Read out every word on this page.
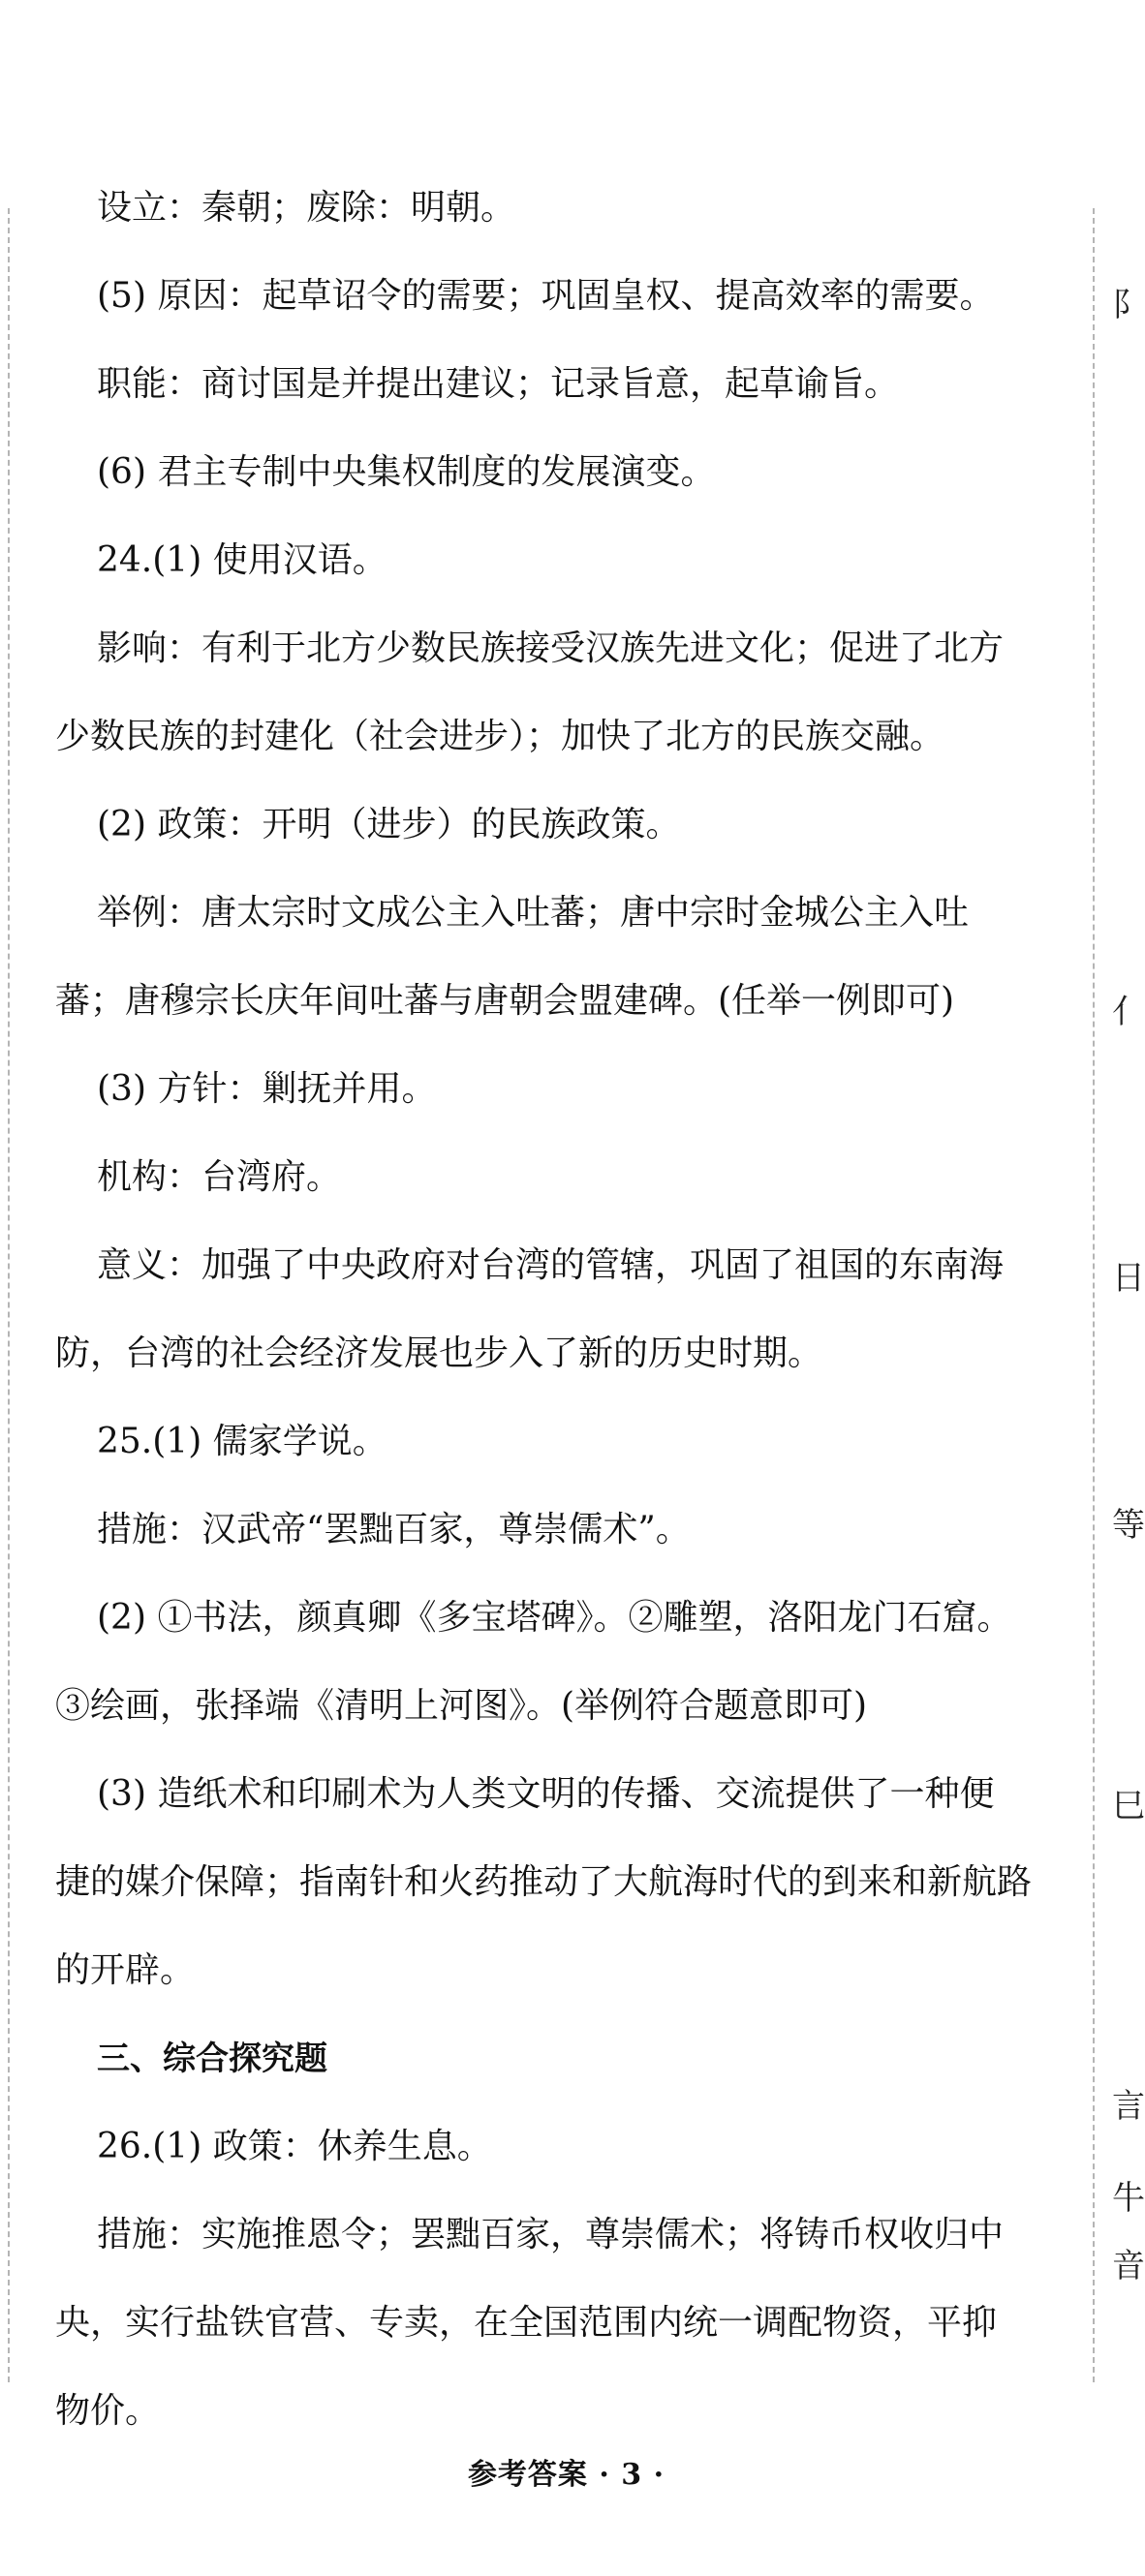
设立：秦朝；废除：明朝。
(5) 原因：起草诏令的需要；巩固皇权、提高效率的需要。
职能：商讨国是并提出建议；记录旨意，起草谕旨。
(6) 君主专制中央集权制度的发展演变。
24.(1) 使用汉语。
影响：有利于北方少数民族接受汉族先进文化；促进了北方
少数民族的封建化（社会进步）；加快了北方的民族交融。
(2) 政策：开明（进步）的民族政策。
举例：唐太宗时文成公主入吐蕃；唐中宗时金城公主入吐
蕃；唐穆宗长庆年间吐蕃与唐朝会盟建碑。(任举一例即可)
(3) 方针：剿抚并用。
机构：台湾府。
意义：加强了中央政府对台湾的管辖，巩固了祖国的东南海
防，台湾的社会经济发展也步入了新的历史时期。
25.(1) 儒家学说。
措施：汉武帝“罢黜百家，尊崇儒术”。
(2) ①书法，颜真卿《多宝塔碑》。②雕塑，洛阳龙门石窟。
③绘画，张择端《清明上河图》。(举例符合题意即可)
(3) 造纸术和印刷术为人类文明的传播、交流提供了一种便
捷的媒介保障；指南针和火药推动了大航海时代的到来和新航路
的开辟。
三、综合探究题
26.(1) 政策：休养生息。
措施：实施推恩令；罢黜百家，尊崇儒术；将铸币权收归中
央，实行盐铁官营、专卖，在全国范围内统一调配物资，平抑
物价。
阝
亻
日
等
巳
言
牛
音
参考答案 · 3 ·
